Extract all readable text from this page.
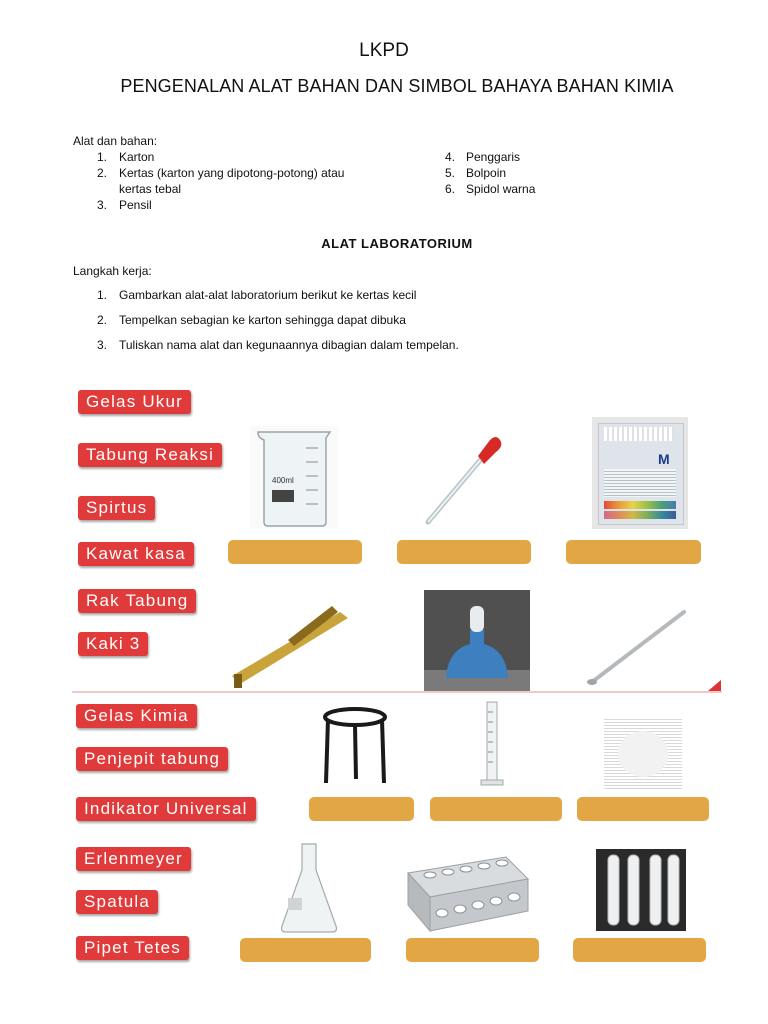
LKPD
PENGENALAN ALAT BAHAN DAN SIMBOL BAHAYA BAHAN KIMIA
Alat dan bahan:
1. Karton
2. Kertas (karton yang dipotong-potong) atau
kertas tebal
3. Pensil
4. Penggaris
5. Bolpoin
6. Spidol warna
ALAT LABORATORIUM
Langkah kerja:
1. Gambarkan alat-alat laboratorium berikut ke kertas kecil
2. Tempelkan sebagian ke karton sehingga dapat dibuka
3. Tuliskan nama alat dan kegunaannya dibagian dalam tempelan.
Gelas Ukur
Tabung Reaksi
Spirtus
Kawat kasa
Rak Tabung
Kaki 3
Gelas Kimia
Penjepit tabung
Indikator Universal
Erlenmeyer
Spatula
Pipet Tetes
400ml
M
